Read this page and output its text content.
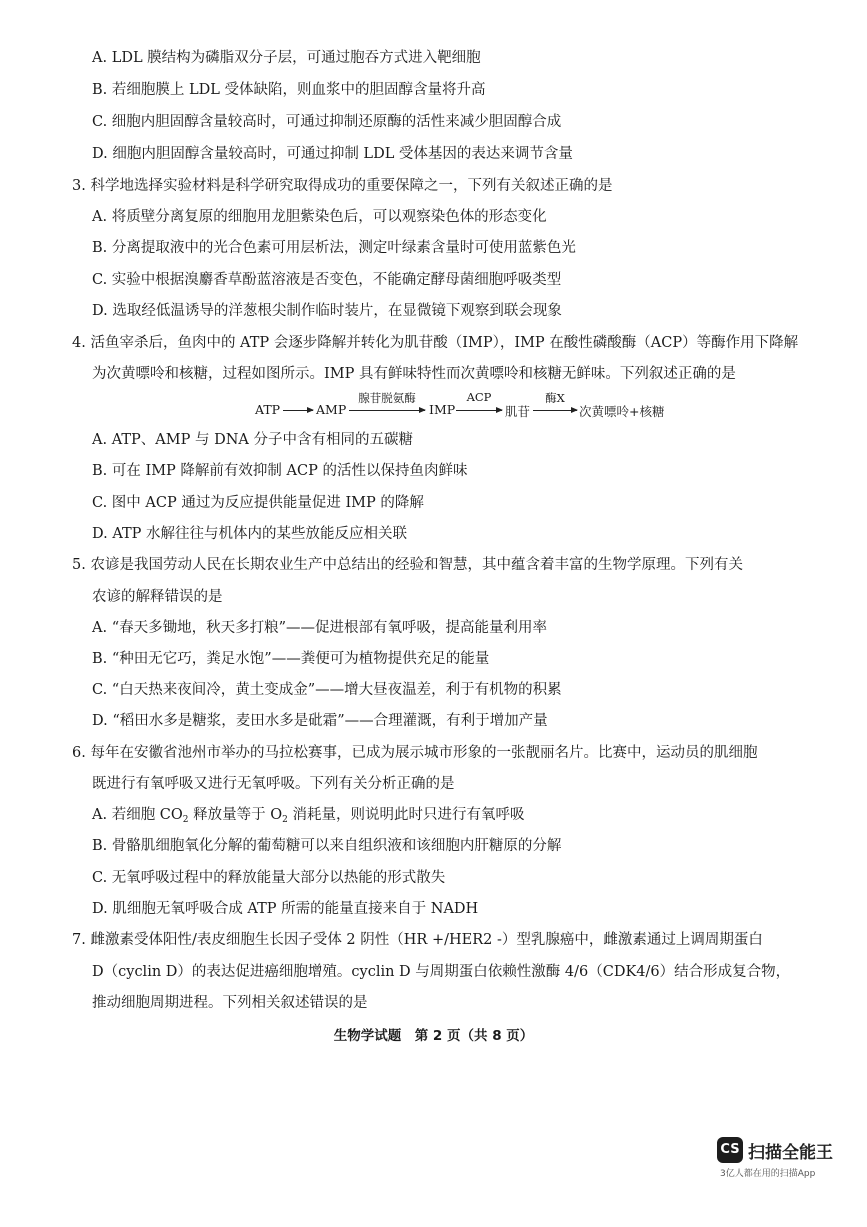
A. LDL 膜结构为磷脂双分子层，可通过胞吞方式进入靶细胞
B. 若细胞膜上 LDL 受体缺陷，则血浆中的胆固醇含量将升高
C. 细胞内胆固醇含量较高时，可通过抑制还原酶的活性来减少胆固醇合成
D. 细胞内胆固醇含量较高时，可通过抑制 LDL 受体基因的表达来调节含量
3. 科学地选择实验材料是科学研究取得成功的重要保障之一，下列有关叙述正确的是
A. 将质壁分离复原的细胞用龙胆紫染色后，可以观察染色体的形态变化
B. 分离提取液中的光合色素可用层析法，测定叶绿素含量时可使用蓝紫色光
C. 实验中根据溴麝香草酚蓝溶液是否变色，不能确定酵母菌细胞呼吸类型
D. 选取经低温诱导的洋葱根尖制作临时装片，在显微镜下观察到联会现象
4. 活鱼宰杀后，鱼肉中的 ATP 会逐步降解并转化为肌苷酸（IMP），IMP 在酸性磷酸酶（ACP）等酶作用下降解
为次黄嘌呤和核糖，过程如图所示。IMP 具有鲜味特性而次黄嘌呤和核糖无鲜味。下列叙述正确的是
ATP	AMP
腺苷脱氨酶
IMP
ACP
肌苷
酶X
次黄嘌呤+核糖
A. ATP、AMP 与 DNA 分子中含有相同的五碳糖
B. 可在 IMP 降解前有效抑制 ACP 的活性以保持鱼肉鲜味
C. 图中 ACP 通过为反应提供能量促进 IMP 的降解
D. ATP 水解往往与机体内的某些放能反应相关联
5. 农谚是我国劳动人民在长期农业生产中总结出的经验和智慧，其中蕴含着丰富的生物学原理。下列有关
农谚的解释错误的是
A. “春天多锄地，秋天多打粮”——促进根部有氧呼吸，提高能量利用率
B. “种田无它巧，粪足水饱”——粪便可为植物提供充足的能量
C. “白天热来夜间冷，黄土变成金”——增大昼夜温差，利于有机物的积累
D. “稻田水多是糖浆，麦田水多是砒霜”——合理灌溉，有利于增加产量
6. 每年在安徽省池州市举办的马拉松赛事，已成为展示城市形象的一张靓丽名片。比赛中，运动员的肌细胞
既进行有氧呼吸又进行无氧呼吸。下列有关分析正确的是
A. 若细胞 $CO_2$ 释放量等于 $O_2$ 消耗量，则说明此时只进行有氧呼吸
B. 骨骼肌细胞氧化分解的葡萄糖可以来自组织液和该细胞内肝糖原的分解
C. 无氧呼吸过程中的释放能量大部分以热能的形式散失
D. 肌细胞无氧呼吸合成 ATP 所需的能量直接来自于 NADH
7. 雌激素受体阳性/表皮细胞生长因子受体 2 阴性（HR +/HER2 -）型乳腺癌中，雌激素通过上调周期蛋白
D（cyclin D）的表达促进癌细胞增殖。cyclin D 与周期蛋白依赖性激酶 4/6（CDK4/6）结合形成复合物，
推动细胞周期进程。下列相关叙述错误的是
生物学试题　第 2 页（共 8 页）
CS 扫描全能王
3亿人都在用的扫描App
